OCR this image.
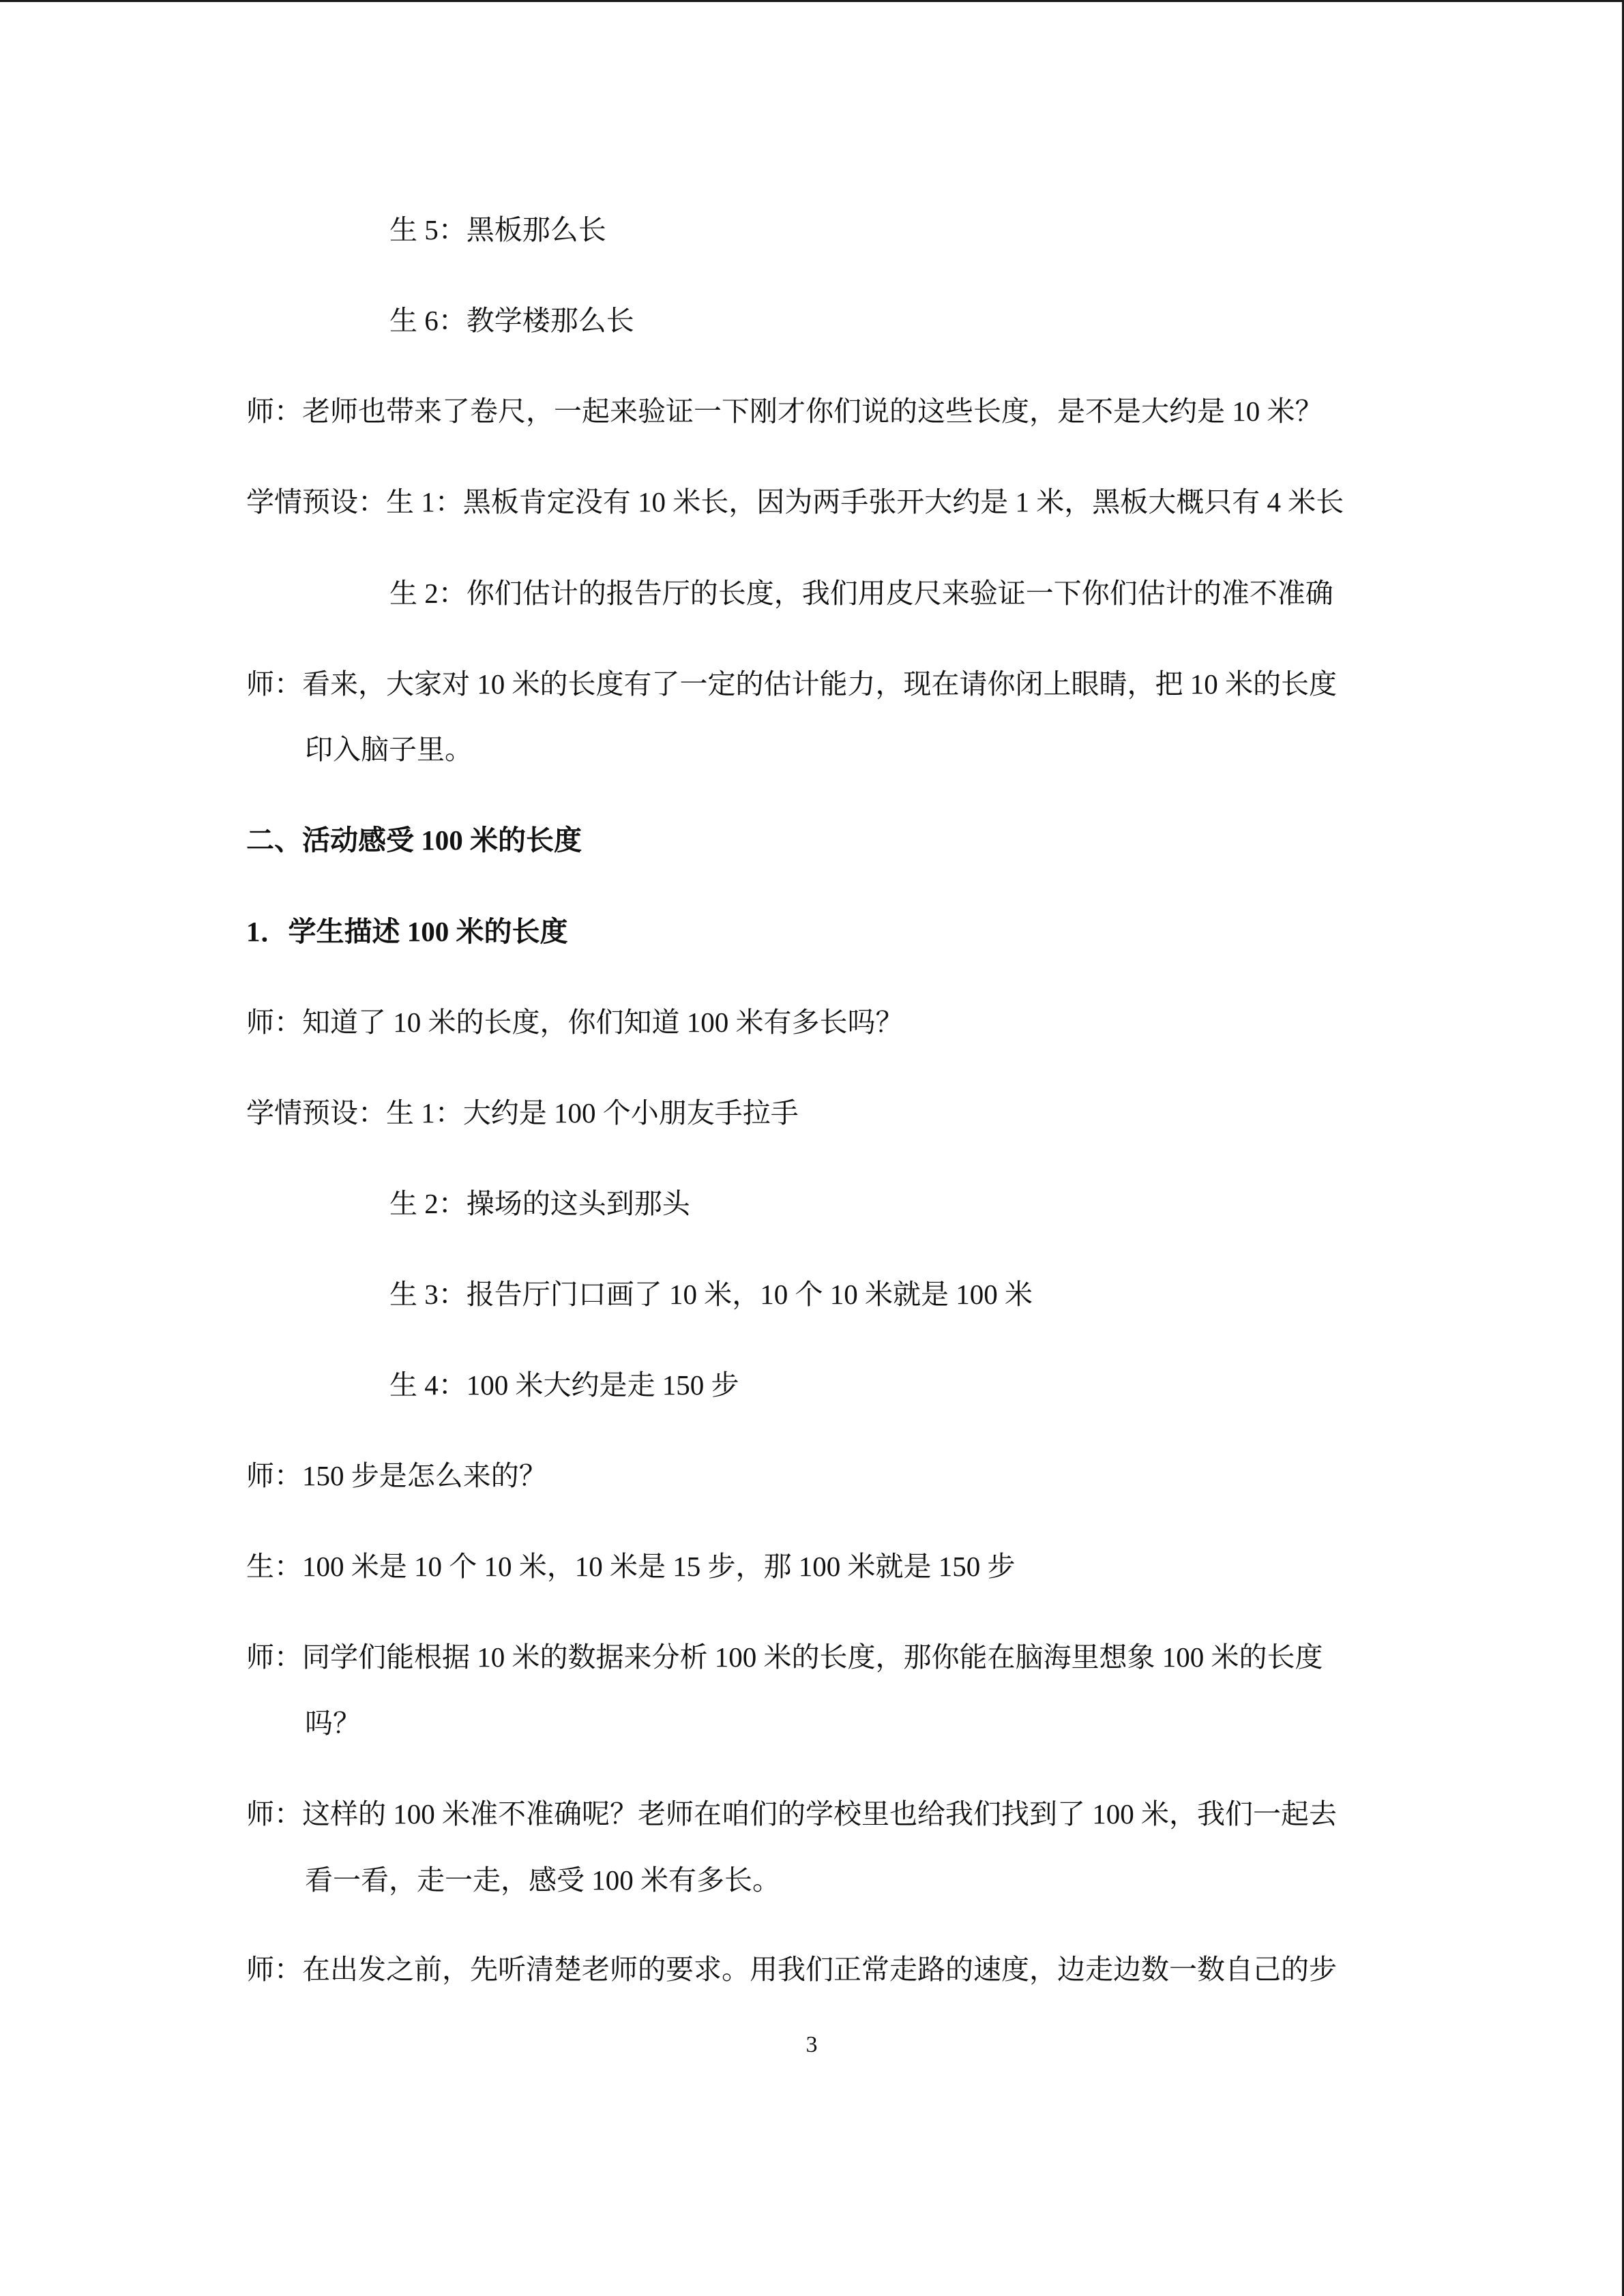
生 5：黑板那么长
生 6：教学楼那么长
师：老师也带来了卷尺，一起来验证一下刚才你们说的这些长度，是不是大约是 10 米？
学情预设：生 1：黑板肯定没有 10 米长，因为两手张开大约是 1 米，黑板大概只有 4 米长
生 2：你们估计的报告厅的长度，我们用皮尺来验证一下你们估计的准不准确
师：看来，大家对 10 米的长度有了一定的估计能力，现在请你闭上眼睛，把 10 米的长度
印入脑子里。
二、活动感受 100 米的长度
1．学生描述 100 米的长度
师：知道了 10 米的长度，你们知道 100 米有多长吗？
学情预设：生 1：大约是 100 个小朋友手拉手
生 2：操场的这头到那头
生 3：报告厅门口画了 10 米，10 个 10 米就是 100 米
生 4：100 米大约是走 150 步
师：150 步是怎么来的？
生：100 米是 10 个 10 米，10 米是 15 步，那 100 米就是 150 步
师：同学们能根据 10 米的数据来分析 100 米的长度，那你能在脑海里想象 100 米的长度
吗？
师：这样的 100 米准不准确呢？老师在咱们的学校里也给我们找到了 100 米，我们一起去
看一看，走一走，感受 100 米有多长。
师：在出发之前，先听清楚老师的要求。用我们正常走路的速度，边走边数一数自己的步
3
